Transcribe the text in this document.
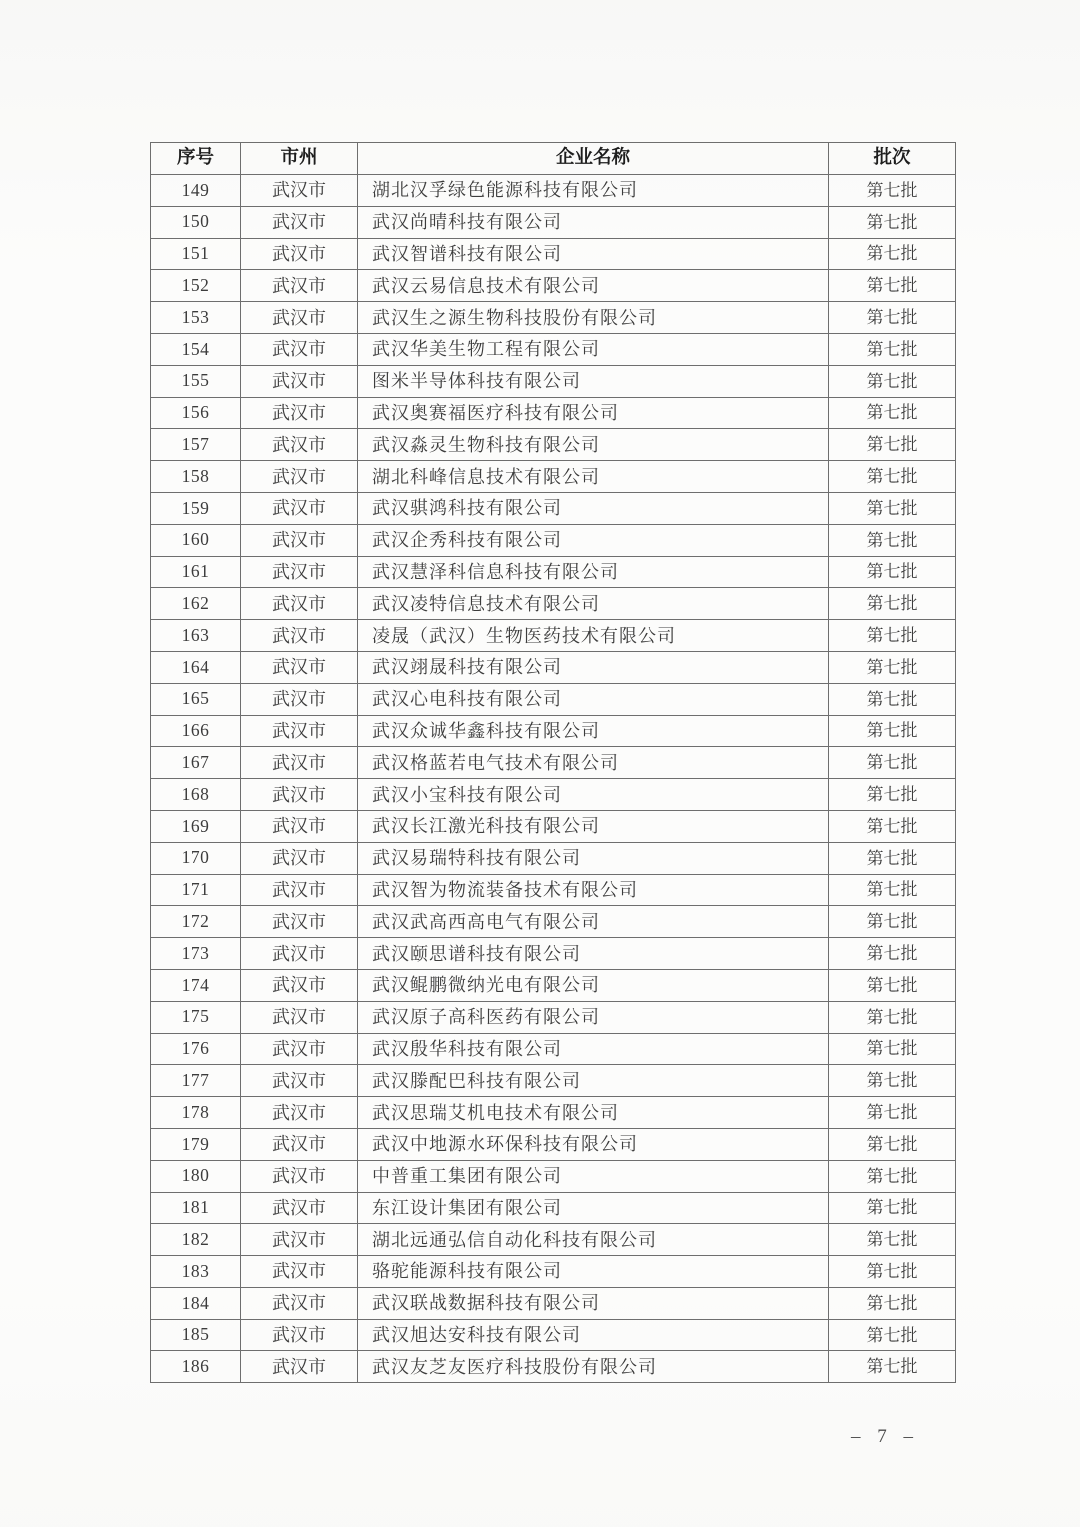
序号	市州	企业名称	批次
149	武汉市	湖北汉孚绿色能源科技有限公司	第七批
150	武汉市	武汉尚晴科技有限公司	第七批
151	武汉市	武汉智谱科技有限公司	第七批
152	武汉市	武汉云易信息技术有限公司	第七批
153	武汉市	武汉生之源生物科技股份有限公司	第七批
154	武汉市	武汉华美生物工程有限公司	第七批
155	武汉市	图米半导体科技有限公司	第七批
156	武汉市	武汉奥赛福医疗科技有限公司	第七批
157	武汉市	武汉淼灵生物科技有限公司	第七批
158	武汉市	湖北科峰信息技术有限公司	第七批
159	武汉市	武汉骐鸿科技有限公司	第七批
160	武汉市	武汉企秀科技有限公司	第七批
161	武汉市	武汉慧泽科信息科技有限公司	第七批
162	武汉市	武汉凌特信息技术有限公司	第七批
163	武汉市	凌晟（武汉）生物医药技术有限公司	第七批
164	武汉市	武汉翊晟科技有限公司	第七批
165	武汉市	武汉心电科技有限公司	第七批
166	武汉市	武汉众诚华鑫科技有限公司	第七批
167	武汉市	武汉格蓝若电气技术有限公司	第七批
168	武汉市	武汉小宝科技有限公司	第七批
169	武汉市	武汉长江激光科技有限公司	第七批
170	武汉市	武汉易瑞特科技有限公司	第七批
171	武汉市	武汉智为物流装备技术有限公司	第七批
172	武汉市	武汉武高西高电气有限公司	第七批
173	武汉市	武汉颐思谱科技有限公司	第七批
174	武汉市	武汉鲲鹏微纳光电有限公司	第七批
175	武汉市	武汉原子高科医药有限公司	第七批
176	武汉市	武汉殷华科技有限公司	第七批
177	武汉市	武汉滕配巴科技有限公司	第七批
178	武汉市	武汉思瑞艾机电技术有限公司	第七批
179	武汉市	武汉中地源水环保科技有限公司	第七批
180	武汉市	中普重工集团有限公司	第七批
181	武汉市	东江设计集团有限公司	第七批
182	武汉市	湖北远通弘信自动化科技有限公司	第七批
183	武汉市	骆驼能源科技有限公司	第七批
184	武汉市	武汉联战数据科技有限公司	第七批
185	武汉市	武汉旭达安科技有限公司	第七批
186	武汉市	武汉友芝友医疗科技股份有限公司	第七批
– 7 –
